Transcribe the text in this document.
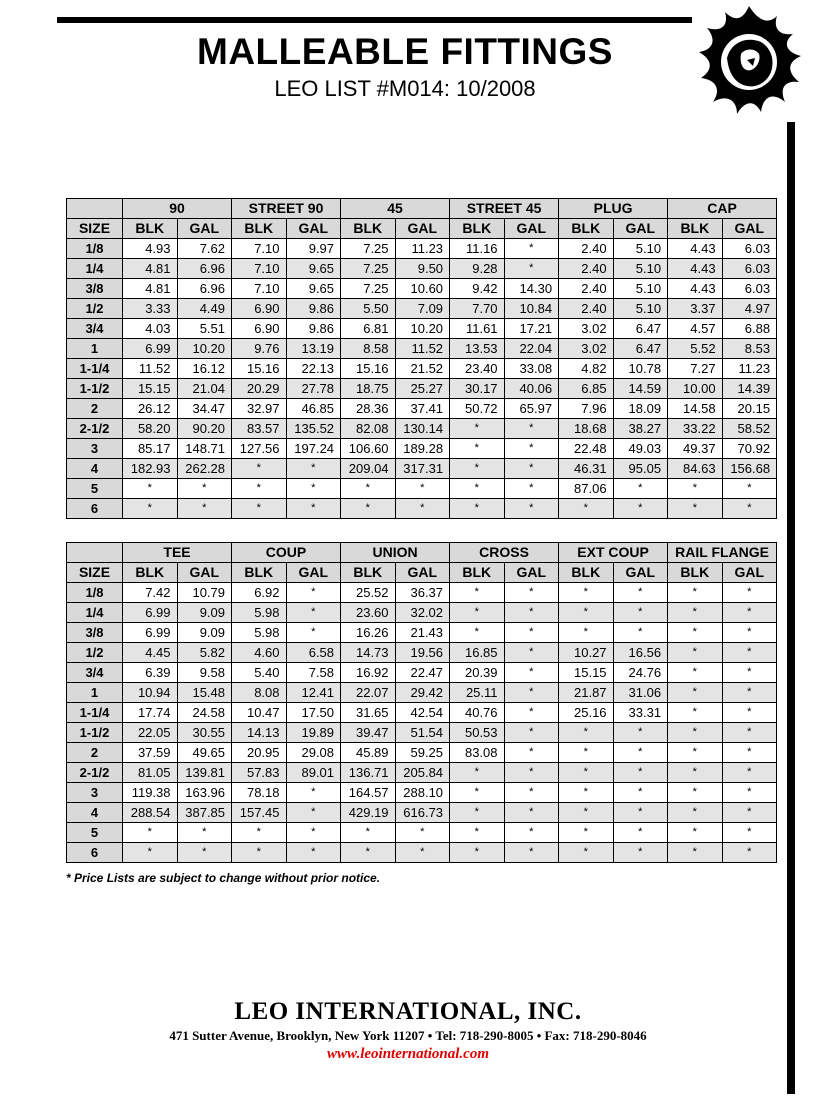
MALLEABLE FITTINGS
LEO LIST #M014: 10/2008
	90		STREET 90		45		STREET 45		PLUG		CAP	
SIZE	BLK	GAL	BLK	GAL	BLK	GAL	BLK	GAL	BLK	GAL	BLK	GAL
1/8	4.93	7.62	7.10	9.97	7.25	11.23	11.16	*	2.40	5.10	4.43	6.03
1/4	4.81	6.96	7.10	9.65	7.25	9.50	9.28	*	2.40	5.10	4.43	6.03
3/8	4.81	6.96	7.10	9.65	7.25	10.60	9.42	14.30	2.40	5.10	4.43	6.03
1/2	3.33	4.49	6.90	9.86	5.50	7.09	7.70	10.84	2.40	5.10	3.37	4.97
3/4	4.03	5.51	6.90	9.86	6.81	10.20	11.61	17.21	3.02	6.47	4.57	6.88
1	6.99	10.20	9.76	13.19	8.58	11.52	13.53	22.04	3.02	6.47	5.52	8.53
1-1/4	11.52	16.12	15.16	22.13	15.16	21.52	23.40	33.08	4.82	10.78	7.27	11.23
1-1/2	15.15	21.04	20.29	27.78	18.75	25.27	30.17	40.06	6.85	14.59	10.00	14.39
2	26.12	34.47	32.97	46.85	28.36	37.41	50.72	65.97	7.96	18.09	14.58	20.15
2-1/2	58.20	90.20	83.57	135.52	82.08	130.14	*	*	18.68	38.27	33.22	58.52
3	85.17	148.71	127.56	197.24	106.60	189.28	*	*	22.48	49.03	49.37	70.92
4	182.93	262.28	*	*	209.04	317.31	*	*	46.31	95.05	84.63	156.68
5	*	*	*	*	*	*	*	*	87.06	*	*	*
6	*	*	*	*	*	*	*	*	*	*	*	*
	TEE		COUP		UNION		CROSS		EXT COUP		RAIL FLANGE	
SIZE	BLK	GAL	BLK	GAL	BLK	GAL	BLK	GAL	BLK	GAL	BLK	GAL
1/8	7.42	10.79	6.92	*	25.52	36.37	*	*	*	*	*	*
1/4	6.99	9.09	5.98	*	23.60	32.02	*	*	*	*	*	*
3/8	6.99	9.09	5.98	*	16.26	21.43	*	*	*	*	*	*
1/2	4.45	5.82	4.60	6.58	14.73	19.56	16.85	*	10.27	16.56	*	*
3/4	6.39	9.58	5.40	7.58	16.92	22.47	20.39	*	15.15	24.76	*	*
1	10.94	15.48	8.08	12.41	22.07	29.42	25.11	*	21.87	31.06	*	*
1-1/4	17.74	24.58	10.47	17.50	31.65	42.54	40.76	*	25.16	33.31	*	*
1-1/2	22.05	30.55	14.13	19.89	39.47	51.54	50.53	*	*	*	*	*
2	37.59	49.65	20.95	29.08	45.89	59.25	83.08	*	*	*	*	*
2-1/2	81.05	139.81	57.83	89.01	136.71	205.84	*	*	*	*	*	*
3	119.38	163.96	78.18	*	164.57	288.10	*	*	*	*	*	*
4	288.54	387.85	157.45	*	429.19	616.73	*	*	*	*	*	*
5	*	*	*	*	*	*	*	*	*	*	*	*
6	*	*	*	*	*	*	*	*	*	*	*	*
* Price Lists are subject to change without prior notice.
LEO INTERNATIONAL, INC.
471 Sutter Avenue, Brooklyn, New York 11207 • Tel: 718-290-8005 • Fax: 718-290-8046
www.leointernational.com
